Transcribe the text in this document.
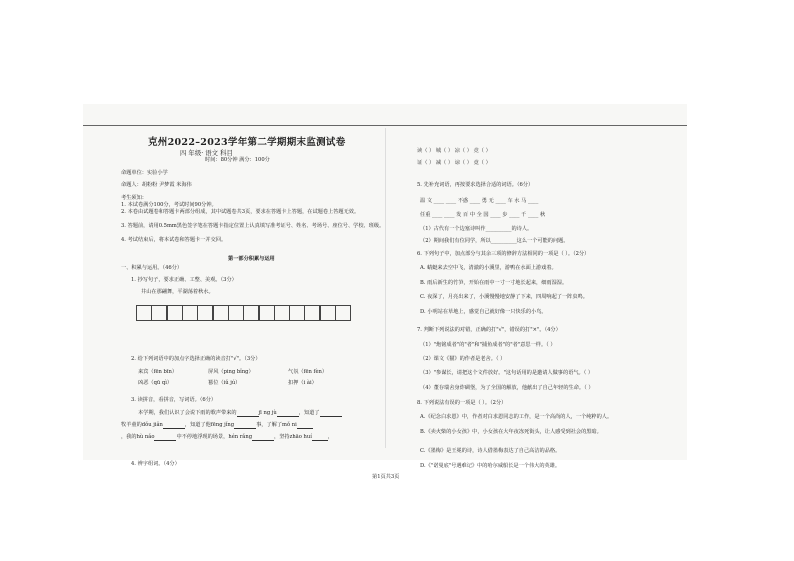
克州2022–2023学年第二学期期末监测试卷
四 年级· 语文 科目
时间：80分钟 满分：100分
命题单位：实验小学
命题人：胡粉粉 尹梦霞 米海伟
考生须知：
1. 本试卷满分100分，考试时间90分钟。
2. 本卷由试题卷和答题卡两部分组成，其中试题卷共3页，要求在答题卡上答题，在试题卷上答题无效。
3. 答题前，请用0.5mm黑色签字笔在答题卡指定位置上认真填写准考证号、姓名、考场号、座位号、学校、班级。
4. 考试结束后，将本试卷和答题卡一并交回。
第一部分积累与运用
一、积累与运用。（46分）
1. 抄写句子，要求正确、工整、美观。（3分）
井山在那翩舞，平湖荡着秋水。
2. 给下列词语中的加点字选择正确的读音打"√"。（3分）
来宾（fēn bīn）	屏风（ping bǐng）	气氛（fēn fèn）
凶恶（qū qì）	篡位（iǔ jú）	扣押（i ài）
3. 读拼音，看拼音，写词语。（6分）
本学期，我们认识了会说下雨的歌声带来的	jī ng jù	，知道了
牧羊童的dǒu jiǎn	，知道了他fēng jǐng	事，了解了mǒ ni
，我的hù nǎo	中不停地浮现的场景，hén rǎng	，坚持zhāo huí	，
4. 辨字组词。（4分）
读（ ） 城（ ） 凉（ ） 竞（ ）
证（ ） 减（ ） 谅（ ） 竟（ ）
5. 先补充词语，再按要求选择合适的词语。（6分）
温 文 ____ ____ 不惑 ____ 勇 无 ____ 车 水 马 ____
任重 ____ ____ 发 百 中 全 国 ____ 步 ____ 千 ____ 秋
（1）古代有一个边塞诗叫作__________的诗人。
（2）期间我们有位同学，所以__________这么一个可能的问题。
6. 下列句子中，加点部分与其余三项的修辞方法相同的一项是（ ）。（2分）
A. 蜻蜓来去空中飞，清澈的小溪里，游鸭在水面上游戏着。
B. 雨后新生的竹笋，开始在雨中一寸一寸地长起来，细雨湿湿。
C. 夜深了，月亮出来了，小溪慢慢地安静了下来，四周响起了一阵虫鸣。
D. 小明站在草地上，感觉自己就好像一只快乐的小鸟。
7. 判断下列说法的对错，正确的打"√"，错误的打"×"。（4分）
（1）"炮铭成者"的"者"和"捕鱼成者"的"者"意思一样。（ ）
（2）课文《猫》的作者是老舍。（ ）
（3）"参谋长，请把这个文件放好。"这句话用的是邀请人做事的语气。（ ）
（4）董存瑞舍身炸碉堡，为了全国的解放，他献出了自己年轻的生命。（ ）
8. 下列说法有误的一项是（ ）。（2分）
A.《纪念白求恩》中，作者对白求恩同志的工作，是一个高尚的人，一个纯粹的人。
B.《卖火柴的小女孩》中，小女孩在大年夜冻死街头，让人感受到社会的黑暗。
C.《墨梅》是王冕的诗，诗人借墨梅表达了自己高洁的品格。
D.《"诺曼底"号遇难记》中的哈尔威船长是一个伟大的英雄。
第1页共3页
